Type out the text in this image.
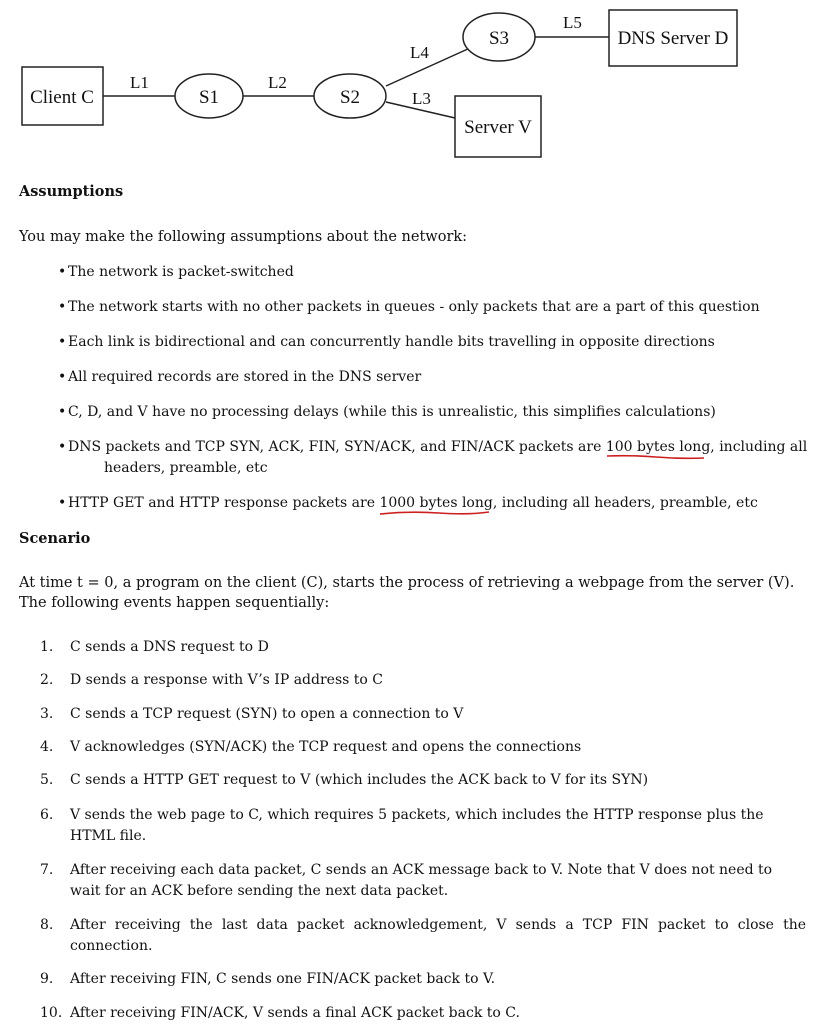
Client C	S1	S2
S3
Server V
DNS Server D
L1	L2
L4
L3
L5
Assumptions

You may make the following assumptions about the network:

• The network is packet-switched
• The network starts with no other packets in queues - only packets that are a part of this question
• Each link is bidirectional and can concurrently handle bits travelling in opposite directions
• All required records are stored in the DNS server
• C, D, and V have no processing delays (while this is unrealistic, this simplifies calculations)
• DNS packets and TCP SYN, ACK, FIN, SYN/ACK, and FIN/ACK packets are 100 bytes long
, including all
headers, preamble, etc
• HTTP GET and HTTP response packets are 1000 bytes long
, including all headers, preamble, etc
Scenario

At time t = 0, a program on the client (C), starts the process of retrieving a webpage from the server (V). The following events happen sequentially:

1.	C sends a DNS request to D
2.	D sends a response with V’s IP address to C
3.	C sends a TCP request (SYN) to open a connection to V
4.	V acknowledges (SYN/ACK) the TCP request and opens the connections
5.	C sends a HTTP GET request to V (which includes the ACK back to V for its SYN)
6.	V sends the web page to C, which requires 5 packets, which includes the HTTP response plus the HTML file.
7.	After receiving each data packet, C sends an ACK message back to V. Note that V does not need to wait for an ACK before sending the next data packet.
8.	After receiving the last data packet acknowledgement, V sends a TCP FIN packet to close the connection.
9.	After receiving FIN, C sends one FIN/ACK packet back to V.
10. After receiving FIN/ACK, V sends a final ACK packet back to C.
